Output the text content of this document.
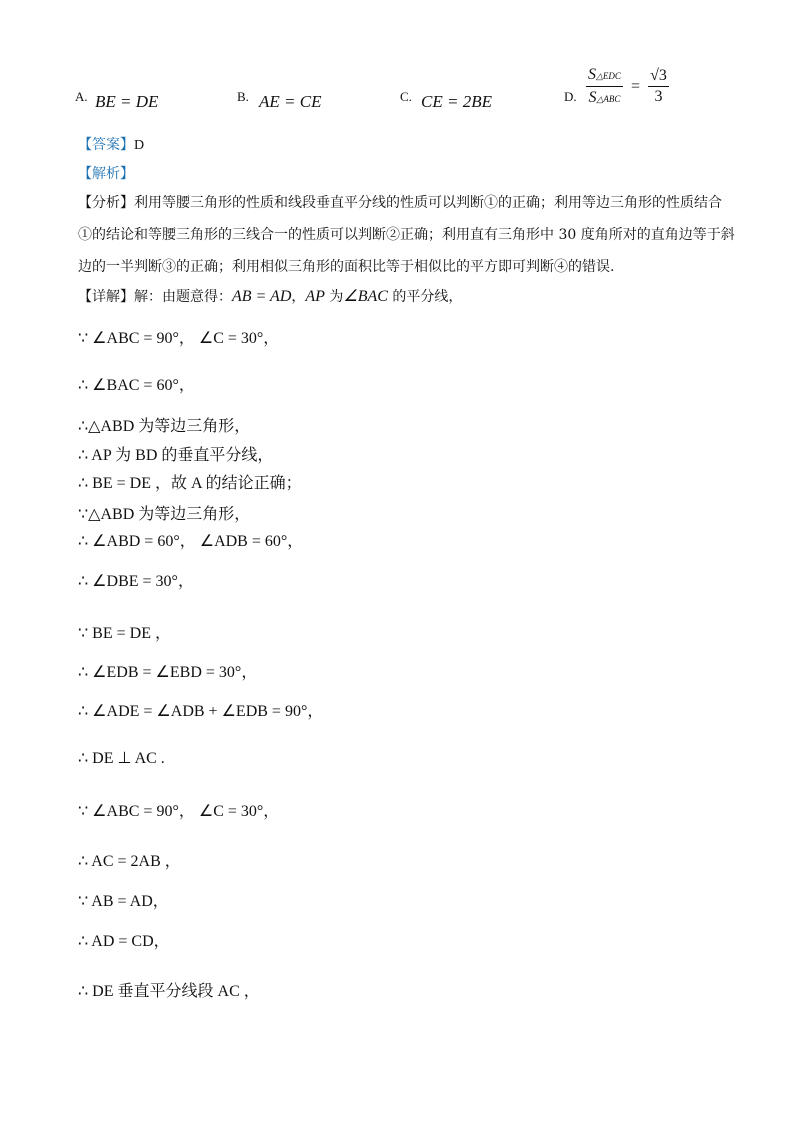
A. BE = DE	B. AE = CE	C. CE = 2BE	D. $\frac{\text{S△EDC}}{\text{S△ABC}} = \frac{√3}{3}$
【答案】D
【解析】
【分析】利用等腰三角形的性质和线段垂直平分线的性质可以判断①的正确；利用等边三角形的性质结合
①的结论和等腰三角形的三线合一的性质可以判断②正确；利用直有三角形中 30 度角所对的直角边等于斜
边的一半判断③的正确；利用相似三角形的面积比等于相似比的平方即可判断④的错误.
【详解】解：由题意得：AB = AD，AP 为∠BAC 的平分线，
∵ ∠ABC = 90°， ∠C = 30°，
∴ ∠BAC = 60°，
∴△ABD 为等边三角形，
∴ AP 为 BD 的垂直平分线，
∴ BE = DE ，故 A 的结论正确；
∵△ABD 为等边三角形，
∴ ∠ABD = 60°， ∠ADB = 60°，
∴ ∠DBE = 30°，
∵ BE = DE ，
∴ ∠EDB = ∠EBD = 30°，
∴ ∠ADE = ∠ADB + ∠EDB = 90°，
∴ DE ⊥ AC .
∵ ∠ABC = 90°， ∠C = 30°，
∴ AC = 2AB ，
∵ AB = AD，
∴ AD = CD，
∴ DE 垂直平分线段 AC ，
